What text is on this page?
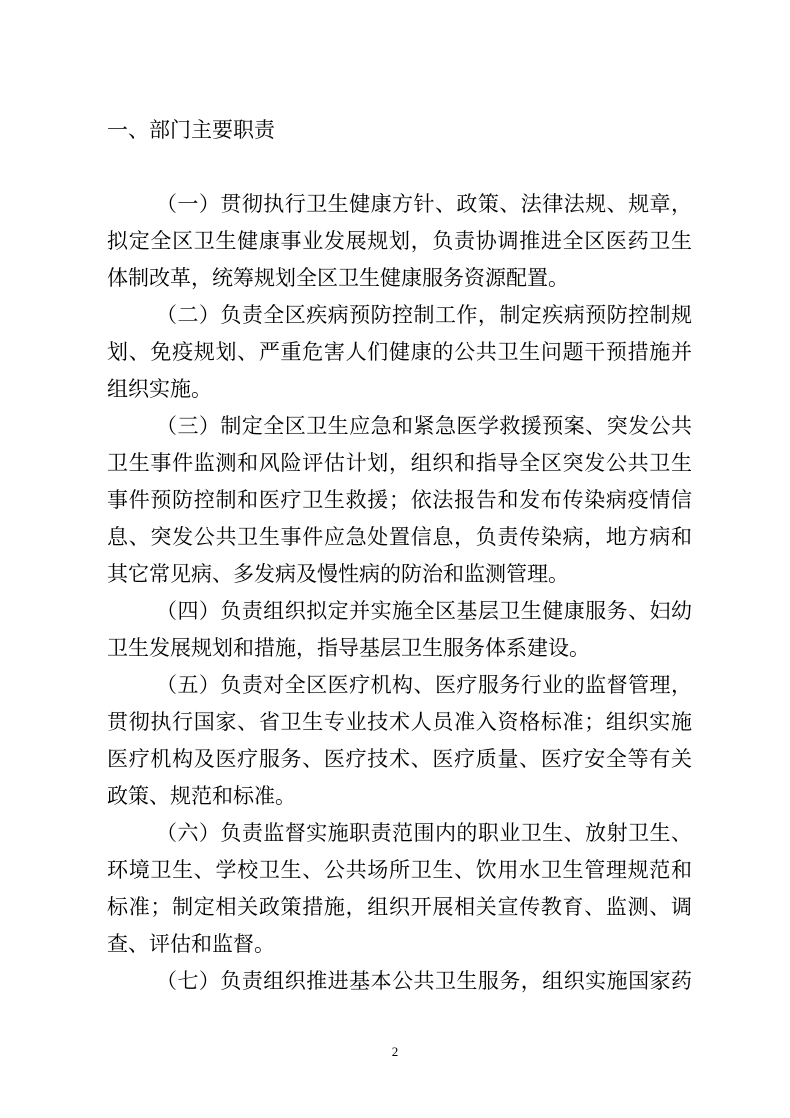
一、部门主要职责
（一）贯彻执行卫生健康方针、政策、法律法规、规章，
拟定全区卫生健康事业发展规划，负责协调推进全区医药卫生
体制改革，统筹规划全区卫生健康服务资源配置。
（二）负责全区疾病预防控制工作，制定疾病预防控制规
划、免疫规划、严重危害人们健康的公共卫生问题干预措施并
组织实施。
（三）制定全区卫生应急和紧急医学救援预案、突发公共
卫生事件监测和风险评估计划，组织和指导全区突发公共卫生
事件预防控制和医疗卫生救援；依法报告和发布传染病疫情信
息、突发公共卫生事件应急处置信息，负责传染病，地方病和
其它常见病、多发病及慢性病的防治和监测管理。
（四）负责组织拟定并实施全区基层卫生健康服务、妇幼
卫生发展规划和措施，指导基层卫生服务体系建设。
（五）负责对全区医疗机构、医疗服务行业的监督管理，
贯彻执行国家、省卫生专业技术人员准入资格标准；组织实施
医疗机构及医疗服务、医疗技术、医疗质量、医疗安全等有关
政策、规范和标准。
（六）负责监督实施职责范围内的职业卫生、放射卫生、
环境卫生、学校卫生、公共场所卫生、饮用水卫生管理规范和
标准；制定相关政策措施，组织开展相关宣传教育、监测、调
查、评估和监督。
（七）负责组织推进基本公共卫生服务，组织实施国家药
2
